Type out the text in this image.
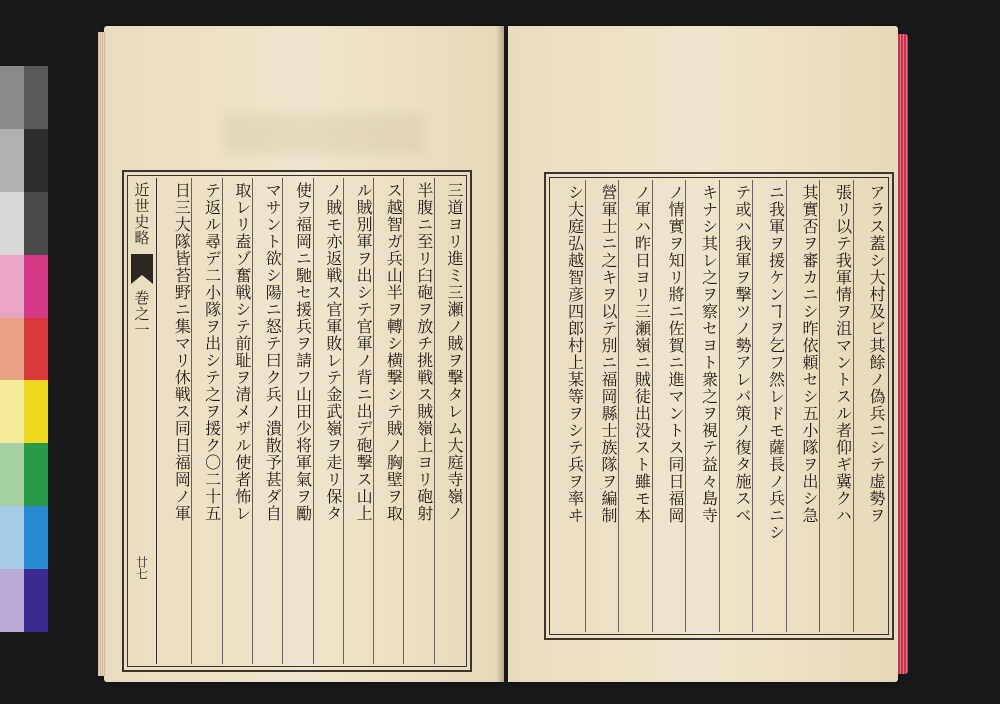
近世史略
巻之一
廿七
三道ヨリ進ミ三瀬ノ賊ヲ撃タレム大庭寺嶺ノ
半腹ニ至リ臼砲ヲ放チ挑戦ス賊嶺上ヨリ砲射
ス越智ガ兵山半ヲ轉シ横撃シテ賊ノ胸壁ヲ取
ル賊別軍ヲ出シテ官軍ノ背ニ出デ砲撃ス山上
ノ賊モ亦返戦ス官軍敗レテ金武嶺ヲ走リ保タ
使ヲ福岡ニ馳セ援兵ヲ請フ山田少将軍氣ヲ勵
マサント欲シ陽ニ怒テ曰ク兵ノ潰散予甚ダ自
取レリ盍ゾ奮戦シテ前耻ヲ清メザル使者怖レ
テ返ル尋デ二小隊ヲ出シテ之ヲ援ク〇二十五
日三大隊皆苔野ニ集マリ休戦ス同日福岡ノ軍	アラス蓋シ大村及ビ其餘ノ偽兵ニシテ虚勢ヲ
張リ以テ我軍情ヲ沮マントスル者仰ギ冀クハ
其實否ヲ審カニシ昨依頼セシ五小隊ヲ出シ急
ニ我軍ヲ援ケンヿヲ乞フ然レドモ薩長ノ兵ニシ
テ或ハ我軍ヲ撃ツノ勢アレバ策ノ復タ施スベ
キナシ其レ之ヲ察セヨト衆之ヲ視テ益々島寺
ノ情實ヲ知リ將ニ佐賀ニ進マントス同日福岡
ノ軍ハ昨日ヨリ三瀬嶺ニ賊徒出没スト雖モ本
營軍士ニ之キヲ以テ別ニ福岡縣士族隊ヲ編制
シ大庭弘越智彦四郎村上某等ヲシテ兵ヲ率ヰ
